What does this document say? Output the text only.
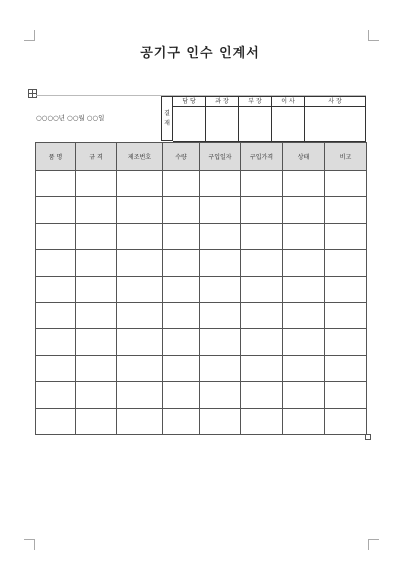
공기구 인수 인계서
○○○○년 ○○월 ○○일
결
재
담 당	과 장	부 장	이 사	사 장
품 명	규 격	제조번호	수량	구입일자	구입가격	상태	비고
